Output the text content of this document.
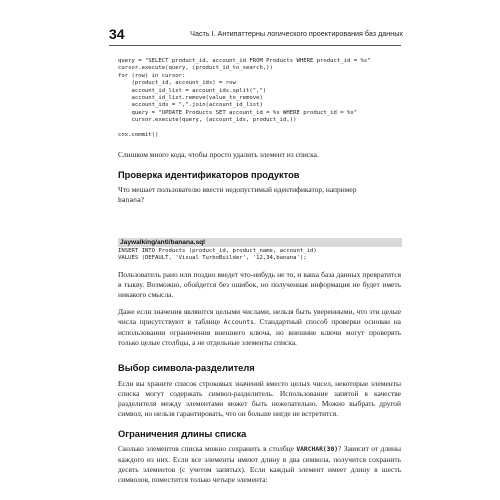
34	Часть I. Антипаттерны логического проектирования баз данных
query = "SELECT product_id, account_id FROM Products WHERE product_id = %s"
cursor.execute(query, (product_id_to_search,))
for (row) in cursor:
(product_id, account_ids) = row
account_id_list = account_ids.split(",")
account_id_list.remove(value_to_remove)
account_ids = ",".join(account_id_list)
query = "UPDATE Products SET account_id = %s WHERE product_id = %s"
cursor.execute(query, (account_ids, product_id,))

cnx.commit()

Слишком много кода, чтобы просто удалить элемент из списка.

Проверка идентификаторов продуктов

Что мешает пользователю ввести недопустимый идентификатор, например
banana?

Jaywalking/anti/banana.sql
INSERT INTO Products (product_id, product_name, account_id)
VALUES (DEFAULT, 'Visual TurboBuilder', '12,34,banana');

Пользователь рано или поздно введет что-нибудь не то, и ваша база данных превратится в тыкву. Возможно, обойдется без ошибок, но полученная информация не будет иметь никакого смысла.

Даже если значения являются целыми числами, нельзя быть уверенными, что эти целые числа присутствуют в таблице Accounts. Стандартный способ проверки основан на использовании ограничения внешнего ключа, но внешние ключи могут проверять только целые столбцы, а не отдельные элементы списка.

Выбор символа-разделителя

Если вы храните список строковых значений вместо целых чисел, некоторые элементы списка могут содержать символ-разделитель. Использование запятой в качестве разделителя между элементами может быть нежелательно. Можно выбрать другой символ, но нельзя гарантировать, что он больше нигде не встретится.

Ограничения длины списка

Сколько элементов списка можно сохранить в столбце VARCHAR(30)? Зависит от длины каждого из них. Если все элементы имеют длину в два символа, получится сохранить десять элементов (с учетом запятых). Если каждый элемент имеет длину в шесть символов, поместится только четыре элемента:
